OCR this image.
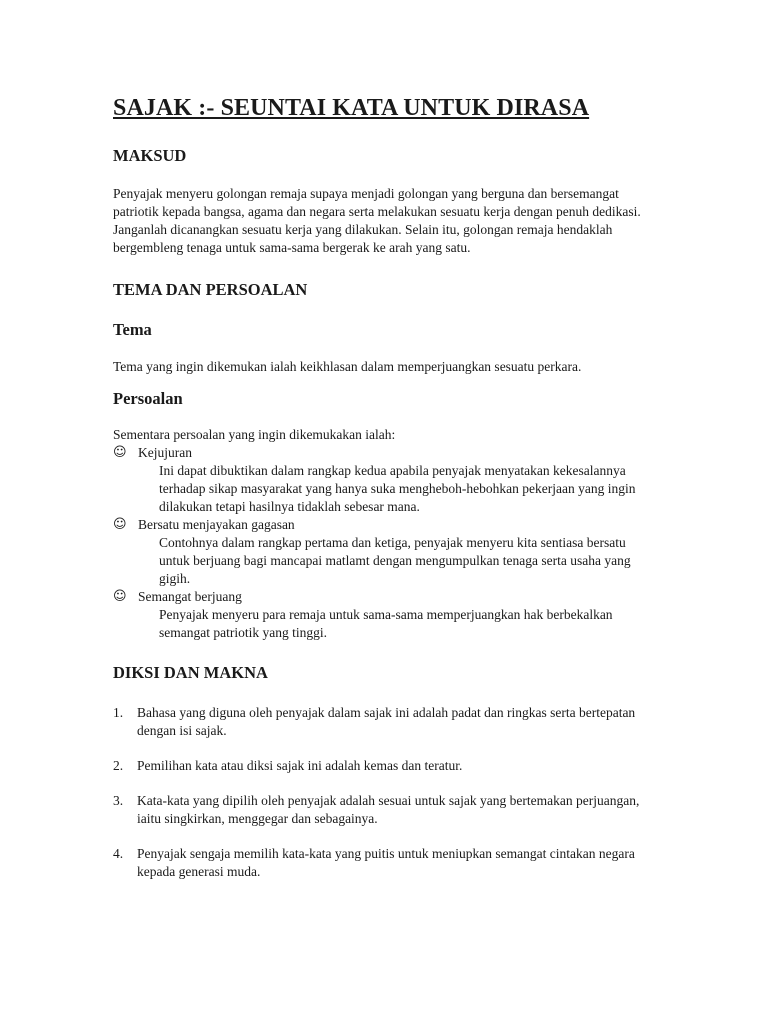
SAJAK :- SEUNTAI KATA UNTUK DIRASA
MAKSUD

Penyajak menyeru golongan remaja supaya menjadi golongan yang berguna dan bersemangat patriotik kepada bangsa, agama dan negara serta melakukan sesuatu kerja dengan penuh dedikasi. Janganlah dicanangkan sesuatu kerja yang dilakukan. Selain itu, golongan remaja hendaklah bergembleng tenaga untuk sama-sama bergerak ke arah yang satu.

TEMA DAN PERSOALAN
Tema

Tema yang ingin dikemukan ialah keikhlasan dalam memperjuangkan sesuatu perkara.

Persoalan

Sementara persoalan yang ingin dikemukakan ialah:

☺ Kejujuran
Ini dapat dibuktikan dalam rangkap kedua apabila penyajak menyatakan kekesalannya terhadap sikap masyarakat yang hanya suka mengheboh-hebohkan pekerjaan yang ingin dilakukan tetapi hasilnya tidaklah sebesar mana.
☺ Bersatu menjayakan gagasan
Contohnya dalam rangkap pertama dan ketiga, penyajak menyeru kita sentiasa bersatu untuk berjuang bagi mancapai matlamt dengan mengumpulkan tenaga serta usaha yang gigih.
☺ Semangat berjuang
Penyajak menyeru para remaja untuk sama-sama memperjuangkan hak berbekalkan semangat patriotik yang tinggi.
DIKSI DAN MAKNA
1.	Bahasa yang diguna oleh penyajak dalam sajak ini adalah padat dan ringkas serta bertepatan dengan isi sajak.
2.	Pemilihan kata atau diksi sajak ini adalah kemas dan teratur.
3.	Kata-kata yang dipilih oleh penyajak adalah sesuai untuk sajak yang bertemakan perjuangan, iaitu singkirkan, menggegar dan sebagainya.
4.	Penyajak sengaja memilih kata-kata yang puitis untuk meniupkan semangat cintakan negara kepada generasi muda.
